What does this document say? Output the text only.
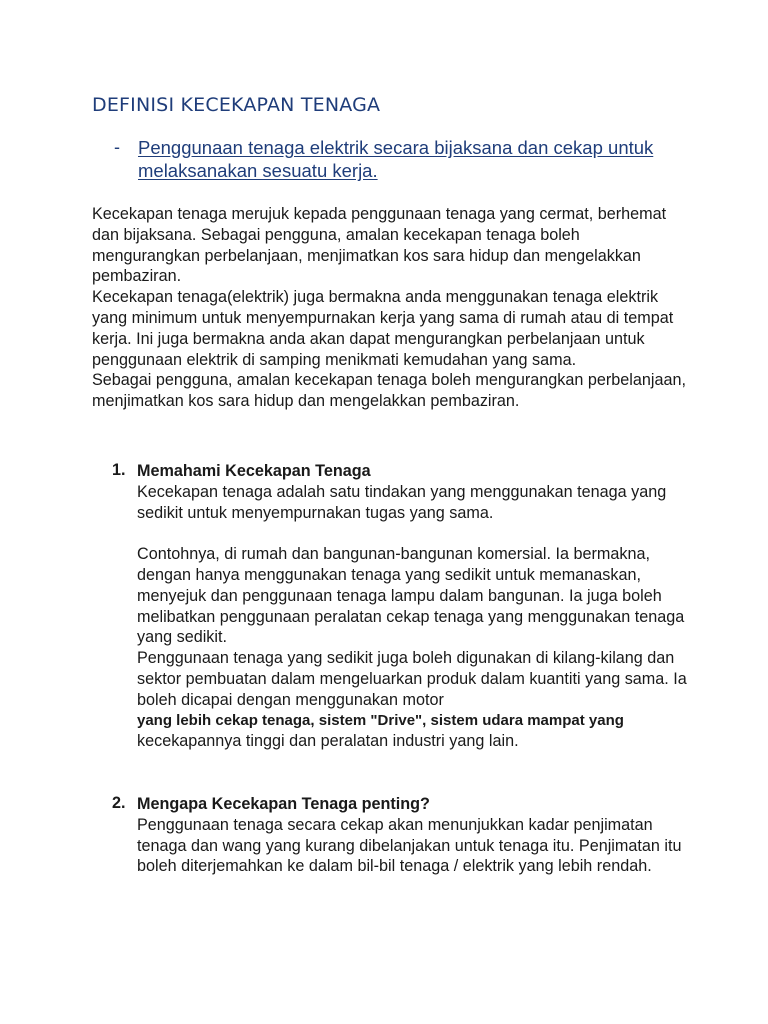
DEFINISI KECEKAPAN TENAGA
- Penggunaan tenaga elektrik secara bijaksana dan cekap untuk melaksanakan sesuatu kerja.

Kecekapan tenaga merujuk kepada penggunaan tenaga yang cermat, berhemat dan bijaksana. Sebagai pengguna, amalan kecekapan tenaga boleh mengurangkan perbelanjaan, menjimatkan kos sara hidup dan mengelakkan pembaziran.

Kecekapan tenaga(elektrik) juga bermakna anda menggunakan tenaga elektrik yang minimum untuk menyempurnakan kerja yang sama di rumah atau di tempat kerja. Ini juga bermakna anda akan dapat mengurangkan perbelanjaan untuk penggunaan elektrik di samping menikmati kemudahan yang sama.

Sebagai pengguna, amalan kecekapan tenaga boleh mengurangkan perbelanjaan, menjimatkan kos sara hidup dan mengelakkan pembaziran.

1. Memahami Kecekapan Tenaga

Kecekapan tenaga adalah satu tindakan yang menggunakan tenaga yang sedikit untuk menyempurnakan tugas yang sama.

Contohnya, di rumah dan bangunan-bangunan komersial. Ia bermakna, dengan hanya menggunakan tenaga yang sedikit untuk memanaskan, menyejuk dan penggunaan tenaga lampu dalam bangunan. Ia juga boleh melibatkan penggunaan peralatan cekap tenaga yang menggunakan tenaga yang sedikit.

Penggunaan tenaga yang sedikit juga boleh digunakan di kilang-kilang dan sektor pembuatan dalam mengeluarkan produk dalam kuantiti yang sama. Ia boleh dicapai dengan menggunakan motor

yang lebih cekap tenaga, sistem "Drive", sistem udara mampat yang

kecekapannya tinggi dan peralatan industri yang lain.

2. Mengapa Kecekapan Tenaga penting?

Penggunaan tenaga secara cekap akan menunjukkan kadar penjimatan tenaga dan wang yang kurang dibelanjakan untuk tenaga itu. Penjimatan itu boleh diterjemahkan ke dalam bil-bil tenaga / elektrik yang lebih rendah.
